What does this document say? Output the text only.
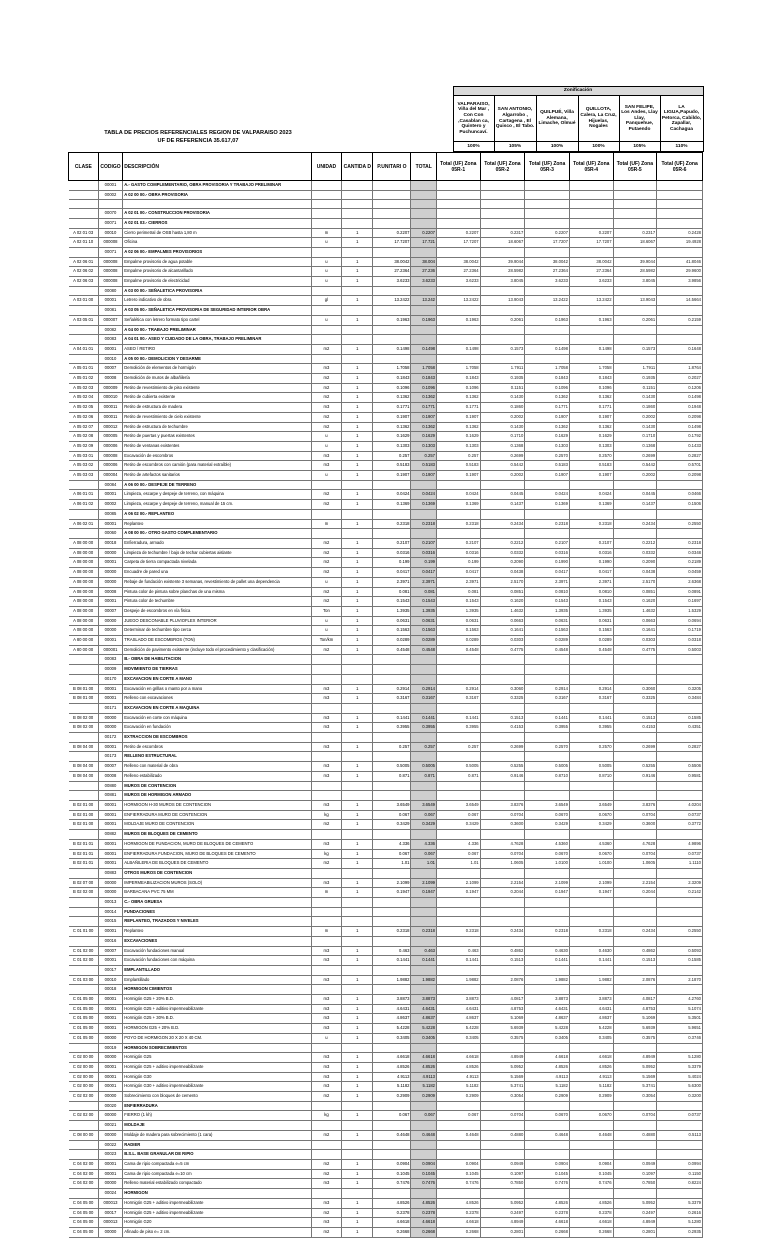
TABLA DE PRECIOS REFERENCIALES REGION DE VALPARAISO 2023
UF DE REFERENCIA 35.617,07
	Zonificación					
	VALPARAISO, Viña del Mar , Con Con ,Casablan ca, Quintero y Puchuncaví.	SAN ANTONIO, Algarrobo , Cartagena , El Quisco , El Tabo.	QUILPUÉ, Villa Alemana, Limache, Olmué	QUILLOTA, Calera, La Cruz, Hijuelas, Nogales	SAN FELIPE, Los Andes, Llay Llay, Panquehue, Putaendo	LA LIGUA,Papudo, Petorca, Cabildo, Zapallar, Cachagua
	100%	105%	100%	100%	105%	110%
CLASE	CODIGO	DESCRIPCIÓN	UNIDAD	CANTIDA D	P.UNITARI O	TOTAL	Total (UF) Zona 05R-1	Total (UF) Zona 05R-2	Total (UF) Zona 05R-3	Total (UF) Zona 05R-4	Total (UF) Zona 05R-5	Total (UF) Zona 05R-6
	00001	A.- GASTO COMPLEMENTARIO, OBRA PROVISORIA Y TRABAJO PRELIMINAR										
	00002	A 02 00 00.- OBRA PROVISORIA										

	00070	A 02 01 00.- CONSTRUCCION PROVISORIA										
	00071	A 02 01 03.- CIERROS										
A 02 01 03	00010	Cierro perimetral de OSB hasta 1,80 m	m	1	0.2207	0.2207	0.2207	0.2317	0.2207	0.2207	0.2317	0.2428
A 02 01 10	000008	Oficina	u	1	17.7207	17.721	17.7207	18.6067	17.7207	17.7207	18.6067	19.4928
	00071	A 02 06 00.- EMPALMES PROVISORIOS										
A 02 06 01	000008	Empalme provisorio de agua potable	u	1	38.0042	38.004	38.0042	39.9044	38.0042	38.0042	39.9044	41.8046
A 02 06 02	000008	Empalme provisorio de alcantarillado	u	1	27.2364	27.236	27.2364	28.5982	27.2364	27.2364	28.5982	29.9600
A 02 06 03	000008	Empalme provisorio de electricidad	u	1	3.6233	3.6233	3.6233	3.8045	3.6233	3.6233	3.8045	3.9856
	00080	A 03 00 00.- SEÑALETICA PROVISORIA										
A 03 01 00	00001	Letrero indicativo de obra	gl	1	13.2422	13.242	13.2422	13.9043	13.2422	13.2422	13.9043	14.5664
	00081	A 03 05 00.- SEÑALETICA PROVISORIA DE SEGURIDAD INTERIOR OBRA										
A 03 05 01	000007	Señalética con letrero formato tipo cartel	u	1	0.1963	0.1963	0.1963	0.2061	0.1963	0.1963	0.2061	0.2159
	00082	A 04 00 00.- TRABAJO PRELIMINAR										
	00083	A 04 01 00.- ASEO Y CUIDADO DE LA OBRA, TRABAJO PRELIMINAR										
A 04 01 01	00001	ASEO / RETIRO	m2	1	0.1498	0.1498	0.1498	0.1573	0.1498	0.1498	0.1573	0.1648
	00010	A 05 00 00.- DEMOLICION Y DESARME										
A 05 01 01	00007	Demolición de elementos de hormigón	m3	1	1.7058	1.7058	1.7058	1.7911	1.7058	1.7058	1.7911	1.8764
A 05 01 02	00008	Demolición de muros de albañilería	m2	1	0.1843	0.1843	0.1843	0.1935	0.1843	0.1843	0.1935	0.2027
A 05 02 03	000009	Retiro de revestimiento de piso existente	m2	1	0.1096	0.1096	0.1096	0.1151	0.1096	0.1096	0.1151	0.1206
A 05 02 04	000010	Retiro de cubierta existente	m2	1	0.1362	0.1362	0.1362	0.1430	0.1362	0.1362	0.1430	0.1498
A 05 02 05	000011	Retiro de estructura de madera	m3	1	0.1771	0.1771	0.1771	0.1860	0.1771	0.1771	0.1860	0.1948
A 05 02 06	000011	Retiro de revestimiento de cielo existente	m2	1	0.1907	0.1907	0.1907	0.2002	0.1907	0.1907	0.2002	0.2098
A 05 02 07	000012	Retiro de estructura de techumbre	m2	1	0.1362	0.1362	0.1362	0.1430	0.1362	0.1362	0.1430	0.1498
A 05 02 08	000005	Retiro de puertas y puertas existentes	u	1	0.1629	0.1629	0.1629	0.1710	0.1629	0.1629	0.1710	0.1792
A 05 02 09	000006	Retiro de ventanas existentes	u	1	0.1303	0.1303	0.1303	0.1368	0.1303	0.1303	0.1368	0.1433
A 05 03 01	000008	Excavación de escombros	m3	1	0.257	0.257	0.257	0.2699	0.2570	0.2570	0.2699	0.2827
A 05 03 02	000006	Retiro de escombros con camión (para material extraíble)	m3	1	0.5183	0.5183	0.5183	0.5442	0.5183	0.5183	0.5442	0.5701
A 05 03 03	000004	Retiro de artefactos sanitarios	u	1	0.1907	0.1907	0.1907	0.2002	0.1907	0.1907	0.2002	0.2098
	00084	A 06 00 00.- DESPEJE DE TERRENO										
A 06 01 01	00001	Limpieza, escarpe y despeje de terreno, con máquina	m2	1	0.0424	0.0424	0.0424	0.0445	0.0424	0.0424	0.0445	0.0466
A 06 01 02	00002	Limpieza, escarpe y despeje de terreno, manual de 15 cm.	m2	1	0.1369	0.1369	0.1369	0.1437	0.1369	0.1369	0.1437	0.1506
	00085	A 06 02 00.- REPLANTEO										
A 06 02 01	00001	Replanteo	m	1	0.2318	0.2318	0.2318	0.2434	0.2318	0.2318	0.2434	0.2550
	00060	A 08 00 00.- OTRO GASTO COMPLEMENTARIO										
A 08 00 00	00018	Enfierradura, armado	m2	1	0.2107	0.2107	0.2107	0.2212	0.2107	0.2107	0.2212	0.2318
A 08 00 00	00000	Limpieza de techumbre / bajo de techar cubiertas aislante	m2	1	0.0316	0.0316	0.0316	0.0332	0.0316	0.0316	0.0332	0.0348
A 08 00 00	00001	Carpeta de tierra compactada nivelada	m2	1	0.199	0.199	0.199	0.2090	0.1990	0.1990	0.2090	0.2189
A 08 00 00	00000	Encuadre de pared una	m2	1	0.0417	0.0417	0.0417	0.0438	0.0417	0.0417	0.0438	0.0459
A 08 00 00	00000	Rebaje de fundación existente 3 semanas, revestimiento de pallet una dependencia	u	1	2.3971	2.3971	2.3971	2.5170	2.3971	2.3971	2.5170	2.6368
A 08 00 00	00008	Pintura color de pintura sobre planchas de una misma	m2	1	0.081	0.081	0.081	0.0851	0.0810	0.0810	0.0851	0.0891
A 08 00 00	00001	Pintura color de techumbre	m2	1	0.1543	0.1543	0.1543	0.1620	0.1543	0.1543	0.1620	0.1697
A 08 00 00	00007	Despeje de escombros en vía fisica	Ton	1	1.3935	1.3935	1.3935	1.4632	1.3935	1.3935	1.4632	1.5329
A 08 00 00	00000	JUEGO DESCONABLE PLUVIOFLEX INTERIOR	u	1	0.0631	0.0631	0.0631	0.0663	0.0631	0.0631	0.0663	0.0694
A 08 00 00	00000	Determinar de techumbre tipo cerca	u	1	0.1563	0.1563	0.1563	0.1641	0.1563	0.1563	0.1641	0.1719
A 80 00 00	00001	TRASLADO DE ESCOMBROS (TON)	Ton/km	1	0.0289	0.0289	0.0289	0.0303	0.0289	0.0289	0.0303	0.0318
A 80 00 00	000001	Demolición de pavimento existente (incluye todo el procedimiento y clasificación)	m2	1	0.4548	0.4548	0.4548	0.4775	0.4548	0.4548	0.4775	0.5003
	00083	B.- OBRA DE HABILITACION										
	00009	MOVIMIENTO DE TIERRAS										
	00170	EXCAVACION EN CORTE A MANO										
B 08 01 00	00001	Excavación en grillas o manto por a mano	m3	1	0.2914	0.2914	0.2914	0.3060	0.2914	0.2914	0.3060	0.3205
B 08 01 00	00001	Relleno con excavaciones	m3	1	0.3167	0.3167	0.3167	0.3325	0.3167	0.3167	0.3325	0.3484
	00171	EXCAVACION EN CORTE A MAQUINA										
B 08 02 00	00000	Excavación en corte con máquina	m3	1	0.1441	0.1441	0.1441	0.1513	0.1441	0.1441	0.1513	0.1585
B 08 02 00	00000	Excavación en fundación	m3	1	0.3955	0.3955	0.3955	0.4153	0.3955	0.3955	0.4153	0.4351
	00172	EXTRACCION DE ESCOMBROS										
B 08 04 00	00001	Retiro de escombros	m3	1	0.257	0.257	0.257	0.2699	0.2570	0.2570	0.2699	0.2827
	00173	RELLENO ESTRUCTURAL										
B 08 04 00	00007	Relleno con material de obra	m3	1	0.5005	0.5005	0.5005	0.5255	0.5005	0.5005	0.5255	0.5506
B 08 04 00	00008	Relleno estabilizado	m3	1	0.871	0.871	0.871	0.9146	0.8710	0.8710	0.9146	0.9581
	00880	MUROS DE CONTENCION										
	00881	MUROS DE HORMIGON ARMADO										
B 02 01 00	00001	HORMIGON H-30 MUROS DE CONTENCION	m3	1	3.6549	3.6549	3.6549	3.8376	3.6549	3.6549	3.8376	4.0204
B 02 01 00	00001	ENFIERRADURA MURO DE CONTENCION	kg	1	0.067	0.067	0.067	0.0704	0.0670	0.0670	0.0704	0.0737
B 02 01 00	00001	MOLDAJE MURO DE CONTENCION	m2	1	0.3429	0.3429	0.3429	0.3600	0.3429	0.3429	0.3600	0.3772
	00882	MUROS DE BLOQUES DE CEMENTO										
B 02 01 01	00001	HORMIGON DE FUNDACION, MURO DE BLOQUES DE CEMENTO	m3	1	4.336	4.336	4.336	4.7628	4.5360	4.5360	4.7628	4.9896
B 02 01 01	00001	ENFIERRADURA FUNDACION, MURO DE BLOQUES DE CEMENTO	kg	1	0.067	0.067	0.067	0.0704	0.0670	0.0670	0.0704	0.0737
B 02 01 01	00001	ALBAÑILERIA DE BLOQUES DE CEMENTO	m2	1	1.01	1.01	1.01	1.0605	1.0100	1.0100	1.0605	1.1110
	00883	OTROS MUROS DE CONTENCION										
B 02 07 00	00000	IMPERMEABILIZACION MUROS (SOLO)	m3	1	2.1099	2.1099	2.1099	2.2154	2.1099	2.1099	2.2154	2.3209
B 02 02 00	00000	BARBACANA PVC 75 MM	m	1	0.1947	0.1947	0.1947	0.2044	0.1947	0.1947	0.2044	0.2142
	00013	C.- OBRA GRUESA										
	00014	FUNDACIONES										
	00015	REPLANTEO, TRAZADOS Y NIVELES										
C 01 01 00	00001	Replanteo	m	1	0.2318	0.2318	0.2318	0.2434	0.2318	0.2318	0.2434	0.2550
	00016	EXCAVACIONES										
C 01 02 00	00007	Excavación fundaciones manual	m3	1	0.463	0.463	0.463	0.4862	0.4630	0.4630	0.4862	0.5093
C 01 02 00	00001	Excavación fundaciones con máquina	m3	1	0.1441	0.1441	0.1441	0.1513	0.1441	0.1441	0.1513	0.1585
	00017	EMPLANTILLADO										
C 01 03 00	00010	Emplantillado	m3	1	1.9882	1.9882	1.9882	2.0876	1.9882	1.9882	2.0876	2.1870
	00018	HORMIGON CIMIENTOS										
C 01 05 00	00001	Hormigón G25 + 20% B.D.	m3	1	3.8873	3.8873	3.8873	4.0817	3.8873	3.8873	4.0817	4.2760
C 01 05 00	00001	Hormigón G25 + aditivo impermeabilizante	m3	1	4.6431	4.6431	4.6431	4.8753	4.6431	4.6431	4.8753	5.1074
C 01 05 00	00001	Hormigón G25 + 30% B.D.	m3	1	4.8637	4.8637	4.8637	5.1069	4.8637	4.8637	5.1069	5.3501
C 01 05 00	00001	HORMIGON G25 + 20% B.D.	m3	1	5.4228	5.4228	5.4228	5.6939	5.4228	5.4228	5.6939	5.9651
C 01 05 00	00000	POYO DE HORMIGON 20 X 20 X 40 CM.	u	1	0.3405	0.3405	0.3405	0.3575	0.3405	0.3405	0.3575	0.3746
	00019	HORMIGON SOBRECIMIENTOS										
C 02 00 00	00000	Hormigón G25	m3	1	4.6618	4.6618	4.6618	4.8949	4.6618	4.6618	4.8949	5.1280
C 02 00 00	00001	Hormigón G25 + aditivo impermeabilizante	m3	1	4.8526	4.8526	4.8526	5.0952	4.8526	4.8526	5.0952	5.3379
C 02 00 00	00001	Hormigón G30	m3	1	4.9113	4.9113	4.9113	5.1569	4.9113	4.9113	5.1569	5.4024
C 02 00 00	00001	Hormigón G30 + aditivo impermeabilizante	m3	1	5.1182	5.1182	5.1182	5.3741	5.1182	5.1182	5.3741	5.6300
C 02 02 00	00000	Sobrecimiento con bloques de cemento	m2	1	0.2909	0.2909	0.2909	0.3054	0.2909	0.2909	0.3054	0.3200
	00020	ENFIERRADURA										
C 02 02 00	00000	FIERRO (1 kh)	kg	1	0.067	0.067	0.067	0.0704	0.0670	0.0670	0.0704	0.0737
	00021	MOLDAJE										
C 08 00 00	00000	Moldaje de madera para sobrecimiento (1 cara)	m2	1	0.4648	0.4648	0.4648	0.4880	0.4648	0.4648	0.4880	0.5113
	00022	RADIER										
	00023	B.S.L. BASE GRANULAR DE RIPIO										
C 04 02 00	00001	Cama de ripio compactada e=5 cm	m2	1	0.0904	0.0904	0.0904	0.0949	0.0904	0.0904	0.0949	0.0994
C 04 02 00	00001	Cama de ripio compactada e=10 cm	m2	1	0.1045	0.1045	0.1045	0.1097	0.1045	0.1045	0.1097	0.1150
C 04 02 00	00000	Relleno material estabilizado compactado	m3	1	0.7476	0.7476	0.7476	0.7850	0.7476	0.7476	0.7850	0.8224
	00024	HORMIGON										
C 04 05 00	000013	Hormigón G25 + aditivo impermeabilizante	m3	1	4.8526	4.8526	4.8526	5.0952	4.8526	4.8526	5.0952	5.3379
C 04 05 00	00017	Hormigón G25 + aditivo impermeabilizante	m2	1	0.2378	0.2378	0.2378	0.2497	0.2378	0.2378	0.2497	0.2616
C 04 05 00	000013	Hormigón G20	m3	1	4.6618	4.6618	4.6618	4.8949	4.6618	4.6618	4.8949	5.1280
C 04 05 00	00000	Afinado de piso e= 2 cm.	m2	1	0.2668	0.2668	0.2668	0.2801	0.2668	0.2668	0.2801	0.2935
